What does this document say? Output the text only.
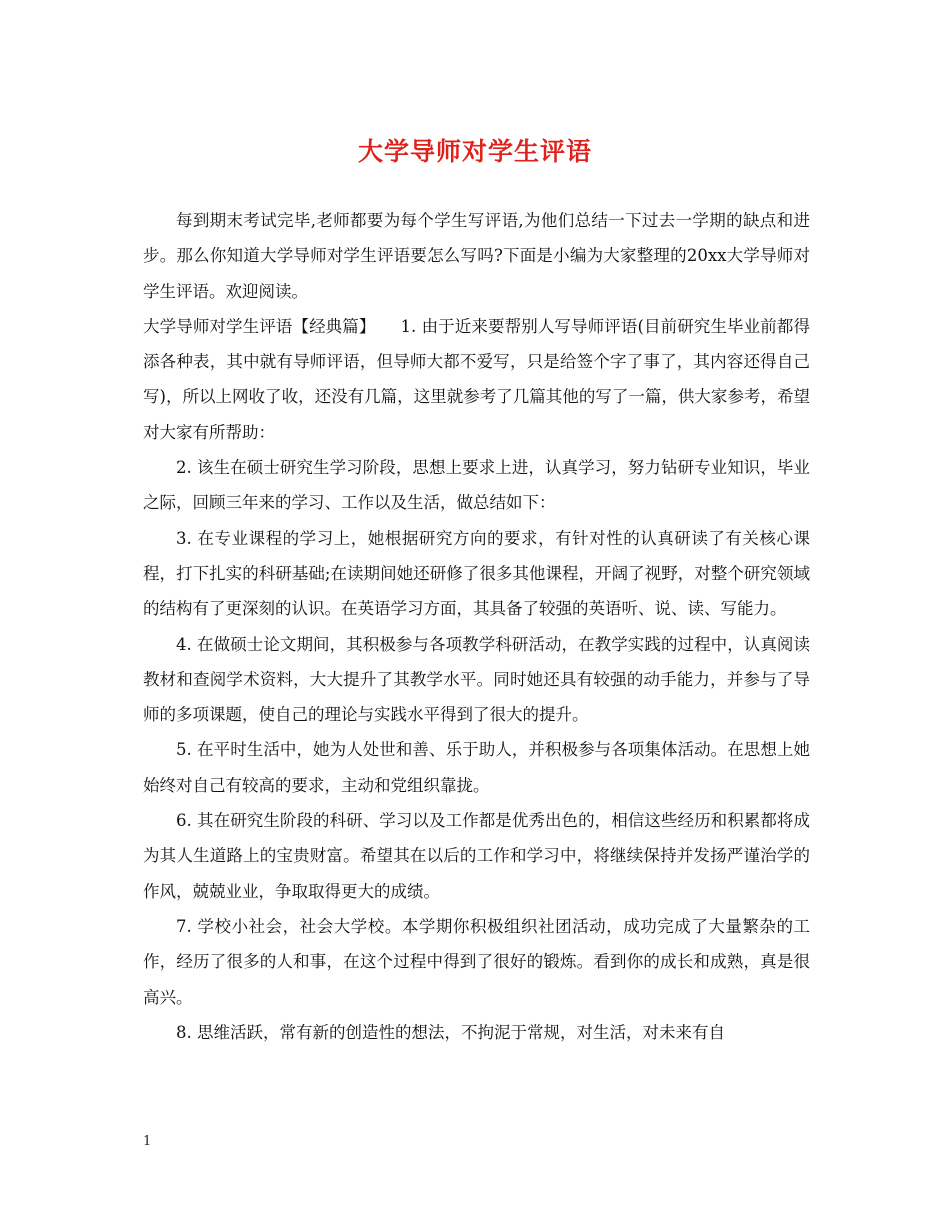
大学导师对学生评语

每到期末考试完毕,老师都要为每个学生写评语,为他们总结一下过去一学期的缺点和进步。那么你知道大学导师对学生评语要怎么写吗?下面是小编为大家整理的20xx大学导师对学生评语。欢迎阅读。

大学导师对学生评语【经典篇】　　1. 由于近来要帮别人写导师评语(目前研究生毕业前都得添各种表，其中就有导师评语，但导师大都不爱写，只是给签个字了事了，其内容还得自己写)，所以上网收了收，还没有几篇，这里就参考了几篇其他的写了一篇，供大家参考，希望对大家有所帮助：

2. 该生在硕士研究生学习阶段，思想上要求上进，认真学习，努力钻研专业知识，毕业之际，回顾三年来的学习、工作以及生活，做总结如下：

3. 在专业课程的学习上，她根据研究方向的要求，有针对性的认真研读了有关核心课程，打下扎实的科研基础;在读期间她还研修了很多其他课程，开阔了视野，对整个研究领域的结构有了更深刻的认识。在英语学习方面，其具备了较强的英语听、说、读、写能力。

4. 在做硕士论文期间，其积极参与各项教学科研活动，在教学实践的过程中，认真阅读教材和查阅学术资料，大大提升了其教学水平。同时她还具有较强的动手能力，并参与了导师的多项课题，使自己的理论与实践水平得到了很大的提升。

5. 在平时生活中，她为人处世和善、乐于助人，并积极参与各项集体活动。在思想上她始终对自己有较高的要求，主动和党组织靠拢。

6. 其在研究生阶段的科研、学习以及工作都是优秀出色的，相信这些经历和积累都将成为其人生道路上的宝贵财富。希望其在以后的工作和学习中，将继续保持并发扬严谨治学的作风，兢兢业业，争取取得更大的成绩。

7. 学校小社会，社会大学校。本学期你积极组织社团活动，成功完成了大量繁杂的工作，经历了很多的人和事，在这个过程中得到了很好的锻炼。看到你的成长和成熟，真是很高兴。

8. 思维活跃，常有新的创造性的想法，不拘泥于常规，对生活，对未来有自

1
